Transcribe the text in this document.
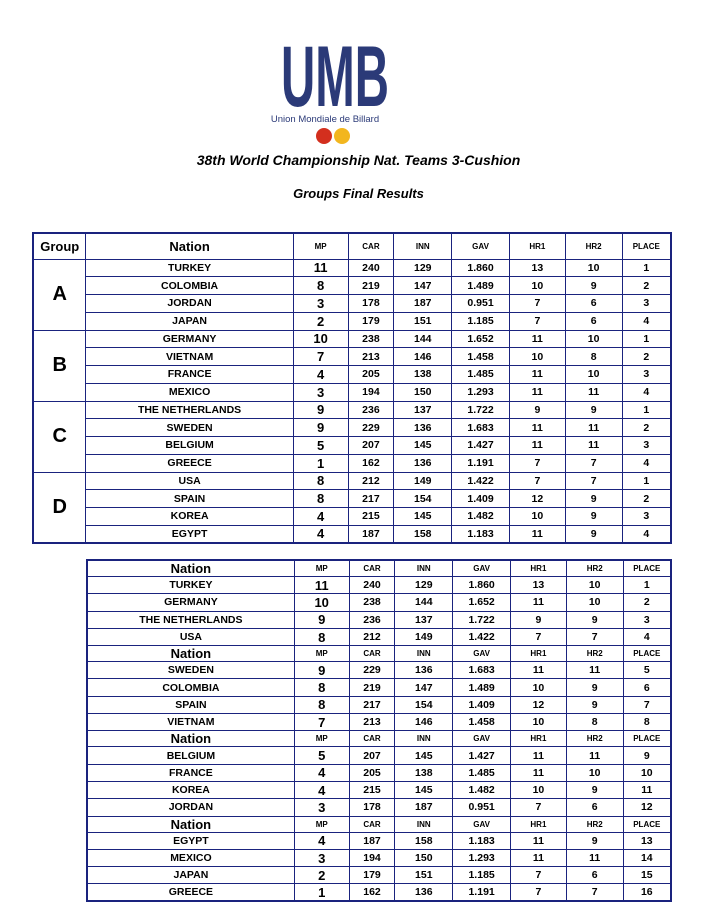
UMB
Union Mondiale de Billard
38th World Championship Nat. Teams 3-Cushion
Groups Final Results
Group	Nation	MP	CAR	INN	GAV	HR1	HR2	PLACE
A	TURKEY	11	240	129	1.860	13	10	1
	COLOMBIA	8	219	147	1.489	10	9	2
	JORDAN	3	178	187	0.951	7	6	3
	JAPAN	2	179	151	1.185	7	6	4
B	GERMANY	10	238	144	1.652	11	10	1
	VIETNAM	7	213	146	1.458	10	8	2
	FRANCE	4	205	138	1.485	11	10	3
	MEXICO	3	194	150	1.293	11	11	4
C	THE NETHERLANDS	9	236	137	1.722	9	9	1
	SWEDEN	9	229	136	1.683	11	11	2
	BELGIUM	5	207	145	1.427	11	11	3
	GREECE	1	162	136	1.191	7	7	4
D	USA	8	212	149	1.422	7	7	1
	SPAIN	8	217	154	1.409	12	9	2
	KOREA	4	215	145	1.482	10	9	3
	EGYPT	4	187	158	1.183	11	9	4
Nation	MP	CAR	INN	GAV	HR1	HR2	PLACE
TURKEY	11	240	129	1.860	13	10	1
GERMANY	10	238	144	1.652	11	10	2
THE NETHERLANDS	9	236	137	1.722	9	9	3
USA	8	212	149	1.422	7	7	4
Nation	MP	CAR	INN	GAV	HR1	HR2	PLACE
SWEDEN	9	229	136	1.683	11	11	5
COLOMBIA	8	219	147	1.489	10	9	6
SPAIN	8	217	154	1.409	12	9	7
VIETNAM	7	213	146	1.458	10	8	8
Nation	MP	CAR	INN	GAV	HR1	HR2	PLACE
BELGIUM	5	207	145	1.427	11	11	9
FRANCE	4	205	138	1.485	11	10	10
KOREA	4	215	145	1.482	10	9	11
JORDAN	3	178	187	0.951	7	6	12
Nation	MP	CAR	INN	GAV	HR1	HR2	PLACE
EGYPT	4	187	158	1.183	11	9	13
MEXICO	3	194	150	1.293	11	11	14
JAPAN	2	179	151	1.185	7	6	15
GREECE	1	162	136	1.191	7	7	16
